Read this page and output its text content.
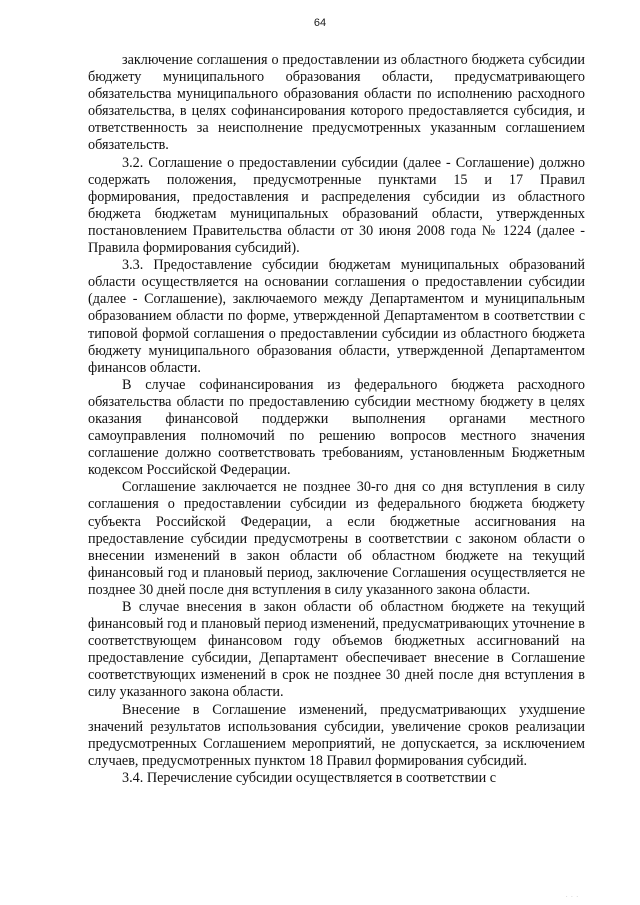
64

заключение соглашения о предоставлении из областного бюджета субсидии бюджету муниципального образования области, предусматривающего обязательства муниципального образования области по исполнению расходного обязательства, в целях софинансирования которого предоставляется субсидия, и ответственность за неисполнение предусмотренных указанным соглашением обязательств.

3.2. Соглашение о предоставлении субсидии (далее - Соглашение) должно содержать положения, предусмотренные пунктами 15 и 17 Правил формирования, предоставления и распределения субсидии из областного бюджета бюджетам муниципальных образований области, утвержденных постановлением Правительства области от 30 июня 2008 года № 1224 (далее - Правила формирования субсидий).

3.3. Предоставление субсидии бюджетам муниципальных образований области осуществляется на основании соглашения о предоставлении субсидии (далее - Соглашение), заключаемого между Департаментом и муниципальным образованием области по форме, утвержденной Департаментом в соответствии с типовой формой соглашения о предоставлении субсидии из областного бюджета бюджету муниципального образования области, утвержденной Департаментом финансов области.

В случае софинансирования из федерального бюджета расходного обязательства области по предоставлению субсидии местному бюджету в целях оказания финансовой поддержки выполнения органами местного самоуправления полномочий по решению вопросов местного значения соглашение должно соответствовать требованиям, установленным Бюджетным кодексом Российской Федерации.

Соглашение заключается не позднее 30-го дня со дня вступления в силу соглашения о предоставлении субсидии из федерального бюджета бюджету субъекта Российской Федерации, а если бюджетные ассигнования на предоставление субсидии предусмотрены в соответствии с законом области о внесении изменений в закон области об областном бюджете на текущий финансовый год и плановый период, заключение Соглашения осуществляется не позднее 30 дней после дня вступления в силу указанного закона области.

В случае внесения в закон области об областном бюджете на текущий финансовый год и плановый период изменений, предусматривающих уточнение в соответствующем финансовом году объемов бюджетных ассигнований на предоставление субсидии, Департамент обеспечивает внесение в Соглашение соответствующих изменений в срок не позднее 30 дней после дня вступления в силу указанного закона области.

Внесение в Соглашение изменений, предусматривающих ухудшение значений результатов использования субсидии, увеличение сроков реализации предусмотренных Соглашением мероприятий, не допускается, за исключением случаев, предусмотренных пунктом 18 Правил формирования субсидий.

3.4. Перечисление субсидии осуществляется в соответствии с

· · ·
